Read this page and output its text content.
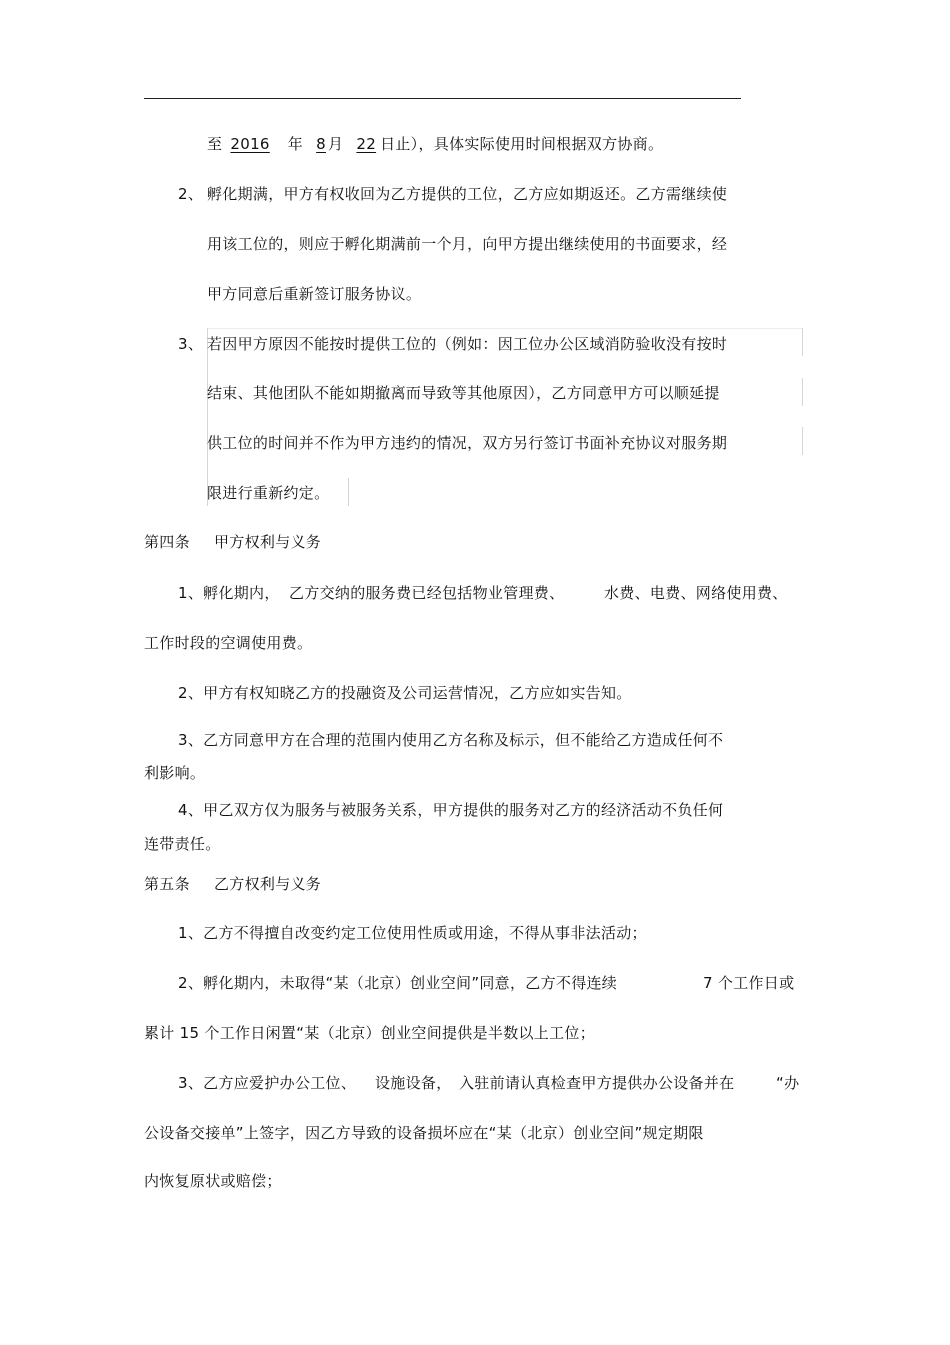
至 2016 年 8 月 22 日止），具体实际使用时间根据双方协商。
2、 孵化期满，甲方有权收回为乙方提供的工位，乙方应如期返还。乙方需继续使
用该工位的，则应于孵化期满前一个月，向甲方提出继续使用的书面要求，经
甲方同意后重新签订服务协议。
3、 若因甲方原因不能按时提供工位的（例如：因工位办公区域消防验收没有按时
结束、其他团队不能如期撤离而导致等其他原因），乙方同意甲方可以顺延提
供工位的时间并不作为甲方违约的情况，双方另行签订书面补充协议对服务期
限进行重新约定。
第四条 甲方权利与义务
1、孵化期内， 乙方交纳的服务费已经包括物业管理费、	水费、电费、网络使用费、
工作时段的空调使用费。
2、甲方有权知晓乙方的投融资及公司运营情况，乙方应如实告知。
3、乙方同意甲方在合理的范围内使用乙方名称及标示，但不能给乙方造成任何不
利影响。
4、甲乙双方仅为服务与被服务关系，甲方提供的服务对乙方的经济活动不负任何
连带责任。
第五条 乙方权利与义务
1、乙方不得擅自改变约定工位使用性质或用途，不得从事非法活动；
2、孵化期内，未取得“某（北京）创业空间”同意，乙方不得连续	7 个工作日或
累计 15 个工作日闲置“某（北京）创业空间提供是半数以上工位；
3、乙方应爱护办公工位、 设施设备， 入驻前请认真检查甲方提供办公设备并在	“办
公设备交接单”上签字，因乙方导致的设备损坏应在“某（北京）创业空间”规定期限
内恢复原状或赔偿；
